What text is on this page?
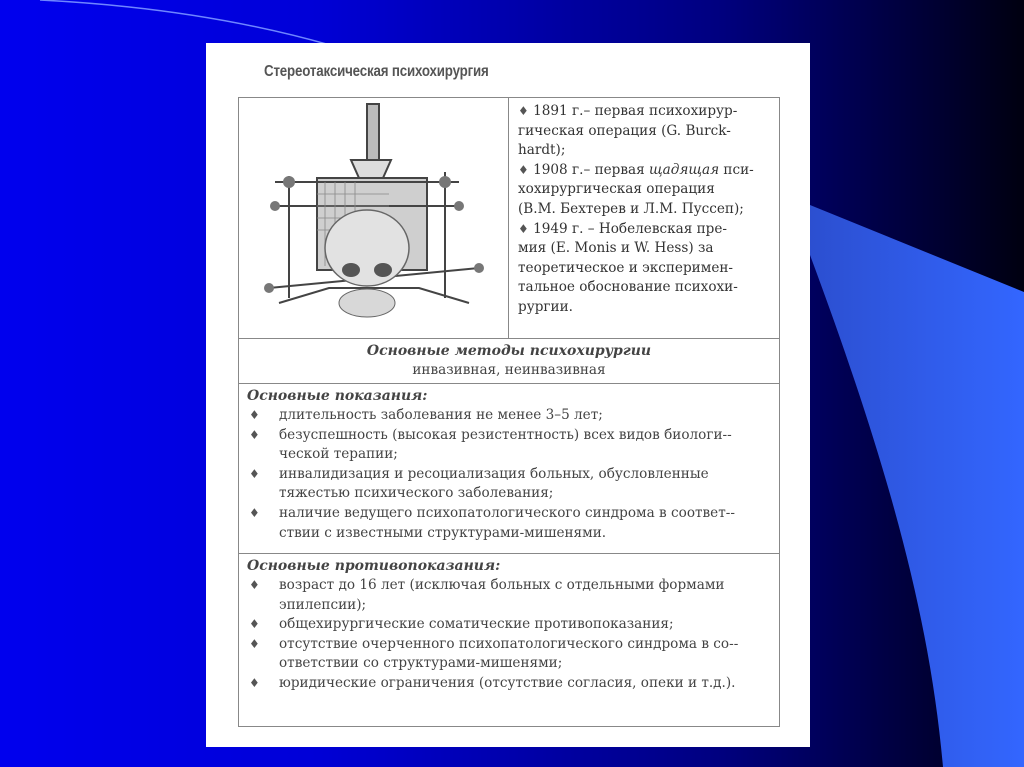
Стереотаксическая психохирургия
♦ 1891 г.– первая психохирур-
гическая операция (G. Burck-
hardt);
♦ 1908 г.– первая щадящая пси-
хохирургическая операция
(В.М. Бехтерев и Л.М. Пуссеп);
♦ 1949 г. – Нобелевская пре-
мия (E. Monis и W. Hess) за
теоретическое и эксперимен-
тальное обоснование психохи-
рургии.
Основные методы психохирургии
инвазивная, неинвазивная
Основные показания:
♦ длительность заболевания не менее 3–5 лет;
♦ безуспешность (высокая резистентность) всех видов биологи-ческой терапии;
♦ инвалидизация и ресоциализация больных, обусловленные тяжестью психического заболевания;
♦ наличие ведущего психопатологического синдрома в соответ-ствии с известными структурами-мишенями.
Основные противопоказания:
♦ возраст до 16 лет (исключая больных с отдельными формами эпилепсии);
♦ общехирургические соматические противопоказания;
♦ отсутствие очерченного психопатологического синдрома в со-ответствии со структурами-мишенями;
♦ юридические ограничения (отсутствие согласия, опеки и т.д.).
